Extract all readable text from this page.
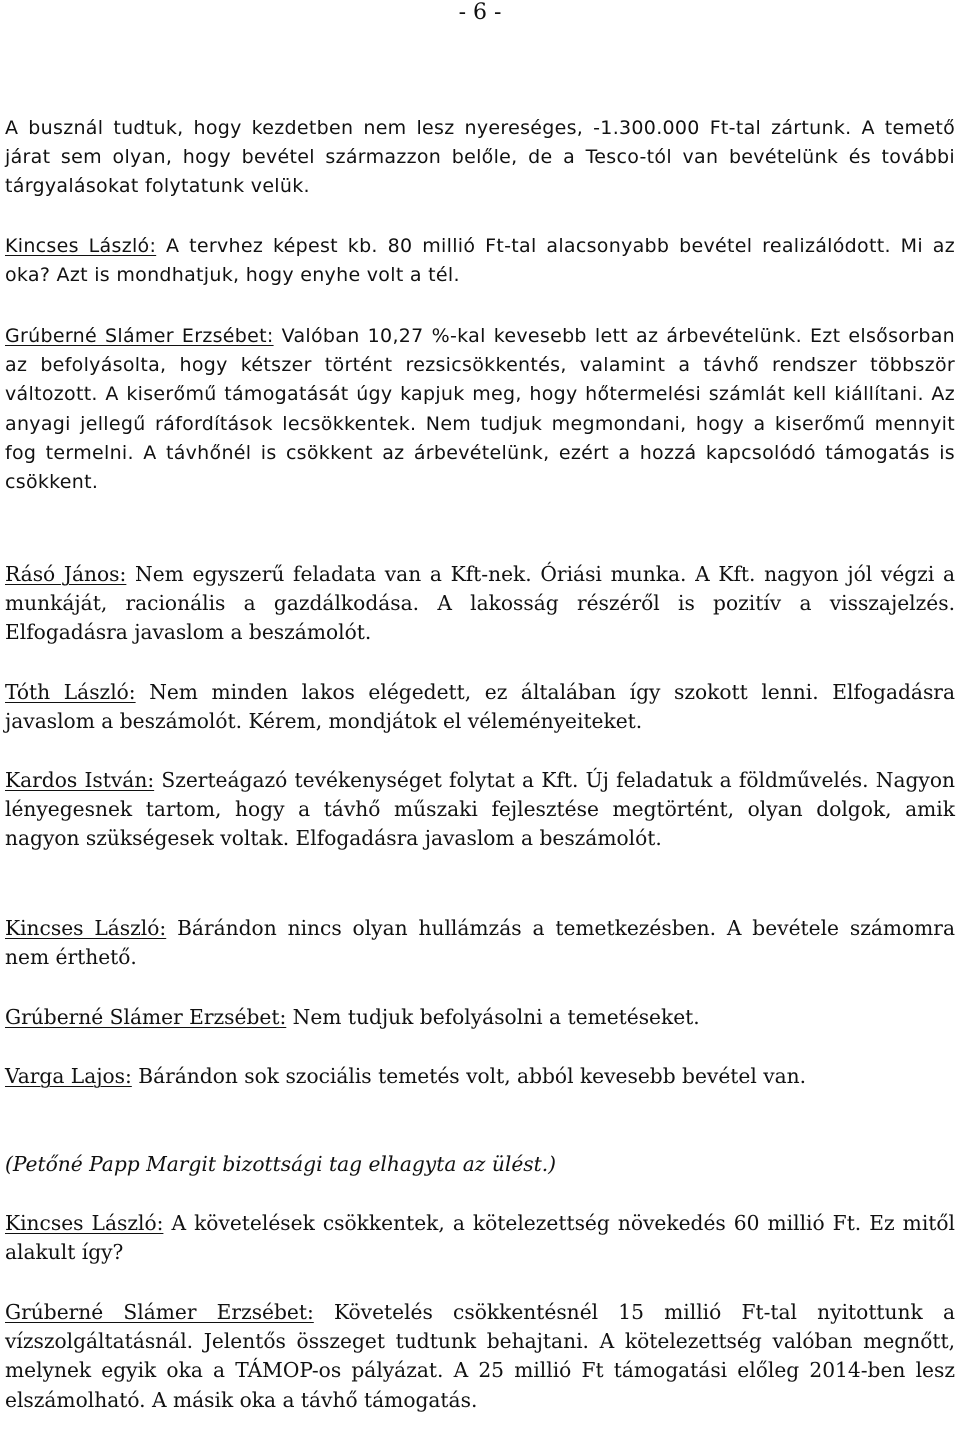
- 6 -

A busznál tudtuk, hogy kezdetben nem lesz nyereséges, -1.300.000 Ft-tal zártunk. A temető járat sem olyan, hogy bevétel származzon belőle, de a Tesco-tól van bevételünk és további tárgyalásokat folytatunk velük.

Kincses László: A tervhez képest kb. 80 millió Ft-tal alacsonyabb bevétel realizálódott. Mi az oka? Azt is mondhatjuk, hogy enyhe volt a tél.

Grúberné Slámer Erzsébet: Valóban 10,27 %-kal kevesebb lett az árbevételünk. Ezt elsősorban az befolyásolta, hogy kétszer történt rezsicsökkentés, valamint a távhő rendszer többször változott. A kiserőmű támogatását úgy kapjuk meg, hogy hőtermelési számlát kell kiállítani. Az anyagi jellegű ráfordítások lecsökkentek. Nem tudjuk megmondani, hogy a kiserőmű mennyit fog termelni. A távhőnél is csökkent az árbevételünk, ezért a hozzá kapcsolódó támogatás is csökkent.

Rásó János: Nem egyszerű feladata van a Kft-nek. Óriási munka. A Kft. nagyon jól végzi a munkáját, racionális a gazdálkodása. A lakosság részéről is pozitív a visszajelzés. Elfogadásra javaslom a beszámolót.

Tóth László: Nem minden lakos elégedett, ez általában így szokott lenni. Elfogadásra javaslom a beszámolót. Kérem, mondjátok el véleményeiteket.

Kardos István: Szerteágazó tevékenységet folytat a Kft. Új feladatuk a földművelés. Nagyon lényegesnek tartom, hogy a távhő műszaki fejlesztése megtörtént, olyan dolgok, amik nagyon szükségesek voltak. Elfogadásra javaslom a beszámolót.

Kincses László: Bárándon nincs olyan hullámzás a temetkezésben. A bevétele számomra nem érthető.

Grúberné Slámer Erzsébet: Nem tudjuk befolyásolni a temetéseket.

Varga Lajos: Bárándon sok szociális temetés volt, abból kevesebb bevétel van.

(Petőné Papp Margit bizottsági tag elhagyta az ülést.)

Kincses László: A követelések csökkentek, a kötelezettség növekedés 60 millió Ft. Ez mitől alakult így?

Grúberné Slámer Erzsébet: Követelés csökkentésnél 15 millió Ft-tal nyitottunk a vízszolgáltatásnál. Jelentős összeget tudtunk behajtani. A kötelezettség valóban megnőtt, melynek egyik oka a TÁMOP-os pályázat. A 25 millió Ft támogatási előleg 2014-ben lesz elszámolható. A másik oka a távhő támogatás.
